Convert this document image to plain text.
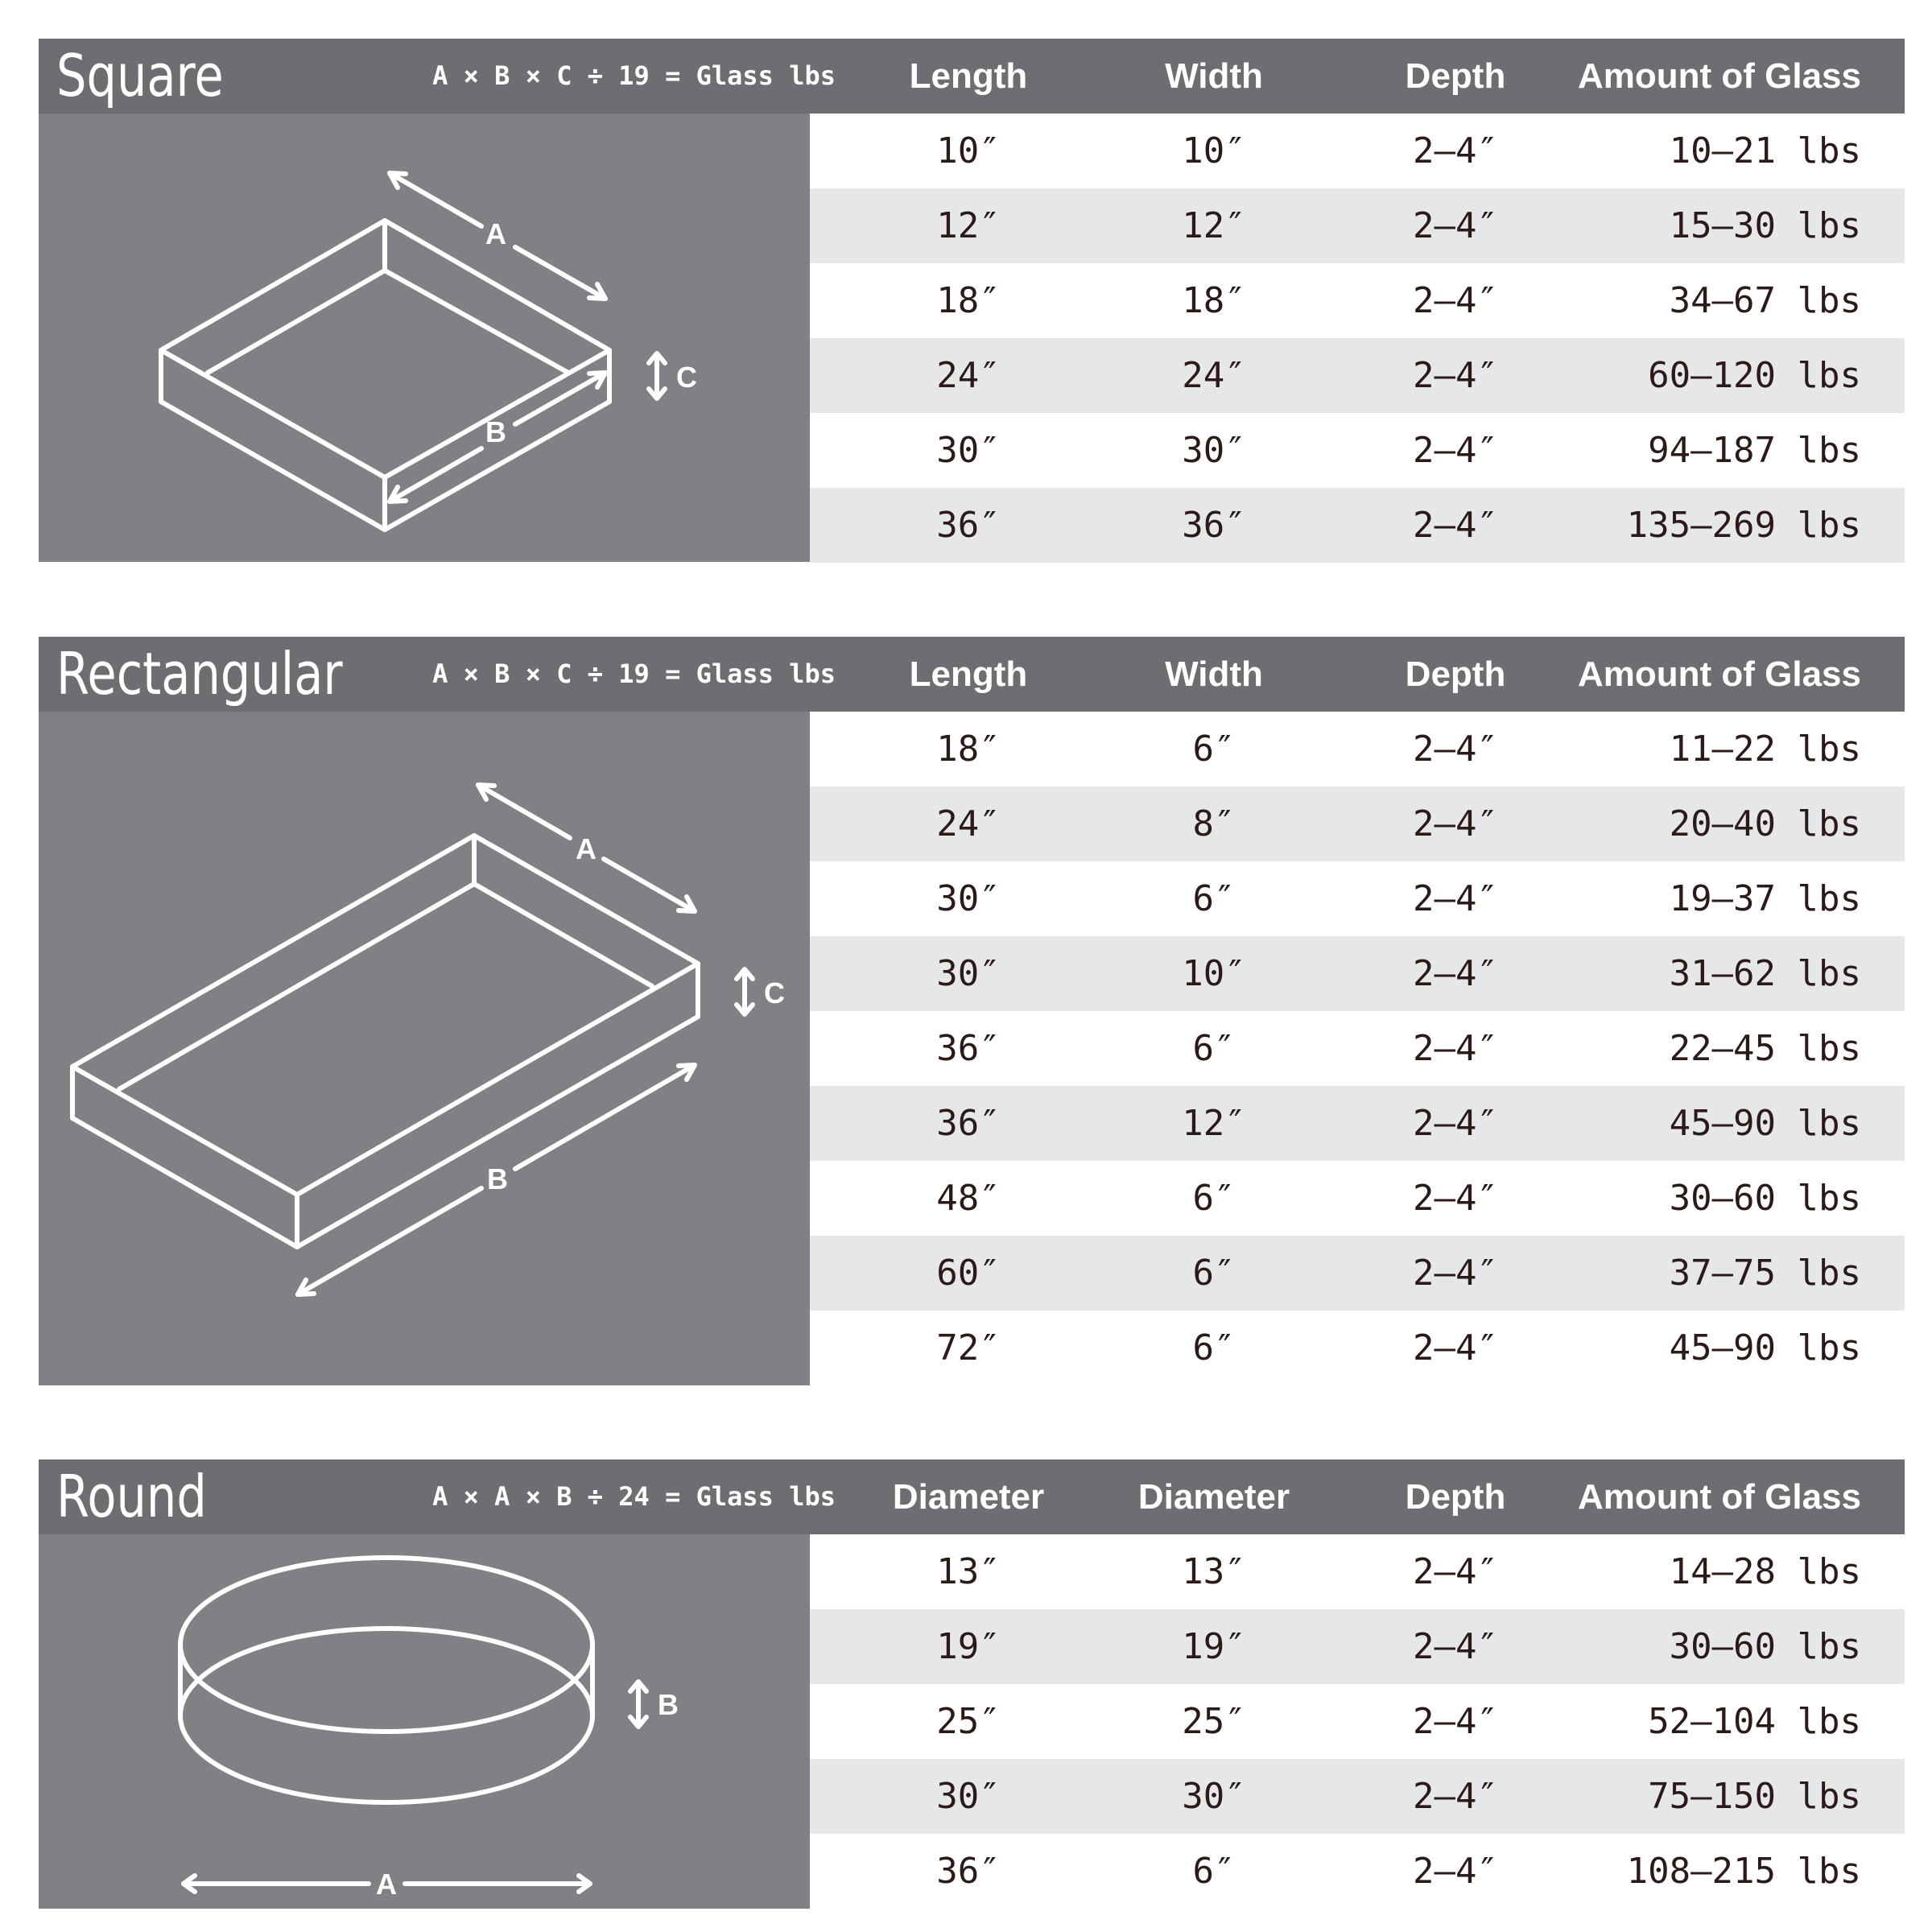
Square	A × B × C ÷ 19 = Glass lbs	Length	Width	Depth	Amount of Glass
A
B
C
10″	10″	2–4″	10–21 lbs
12″	12″	2–4″	15–30 lbs
18″	18″	2–4″	34–67 lbs
24″	24″	2–4″	60–120 lbs
30″	30″	2–4″	94–187 lbs
36″	36″	2–4″	135–269 lbs
Rectangular	A × B × C ÷ 19 = Glass lbs	Length	Width	Depth	Amount of Glass
A
B
C
18″	6″	2–4″	11–22 lbs
24″	8″	2–4″	20–40 lbs
30″	6″	2–4″	19–37 lbs
30″	10″	2–4″	31–62 lbs
36″	6″	2–4″	22–45 lbs
36″	12″	2–4″	45–90 lbs
48″	6″	2–4″	30–60 lbs
60″	6″	2–4″	37–75 lbs
72″	6″	2–4″	45–90 lbs
Round	A × A × B ÷ 24 = Glass lbs	Diameter	Diameter	Depth	Amount of Glass
A
B
13″	13″	2–4″	14–28 lbs
19″	19″	2–4″	30–60 lbs
25″	25″	2–4″	52–104 lbs
30″	30″	2–4″	75–150 lbs
36″	6″	2–4″	108–215 lbs
